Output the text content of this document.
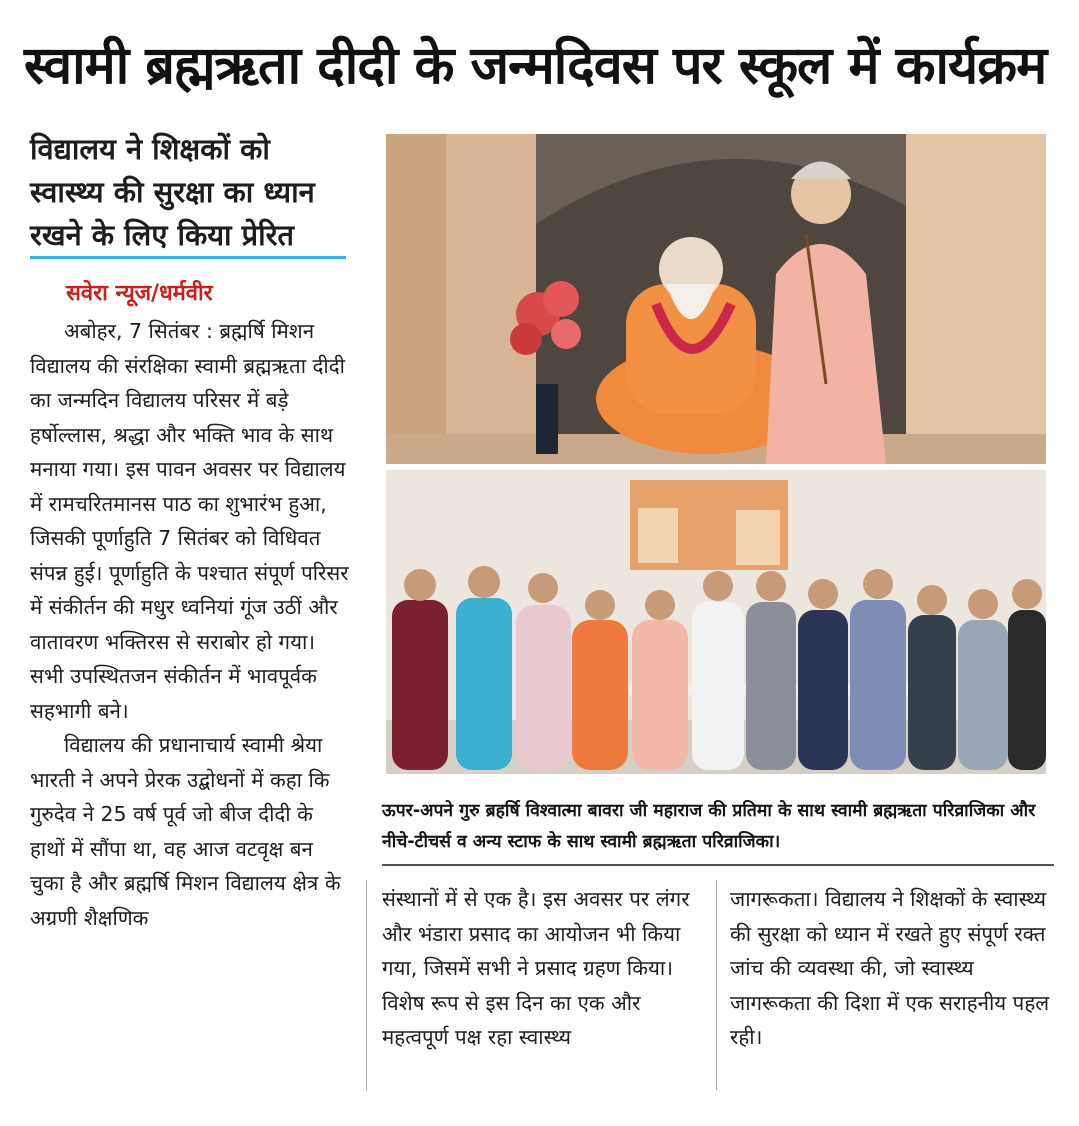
स्वामी ब्रह्मऋता दीदी के जन्मदिवस पर स्कूल में कार्यक्रम
विद्यालय ने शिक्षकों को स्वास्थ्य की सुरक्षा का ध्यान रखने के लिए किया प्रेरित
सवेरा न्यूज/धर्मवीर

अबोहर, 7 सितंबर : ब्रह्मर्षि मिशन विद्यालय की संरक्षिका स्वामी ब्रह्मऋता दीदी का जन्मदिन विद्यालय परिसर में बड़े हर्षोल्लास, श्रद्धा और भक्ति भाव के साथ मनाया गया। इस पावन अवसर पर विद्यालय में रामचरितमानस पाठ का शुभारंभ हुआ, जिसकी पूर्णाहुति 7 सितंबर को विधिवत संपन्न हुई। पूर्णाहुति के पश्चात संपूर्ण परिसर में संकीर्तन की मधुर ध्वनियां गूंज उठीं और वातावरण भक्तिरस से सराबोर हो गया। सभी उपस्थितजन संकीर्तन में भावपूर्वक सहभागी बने।

विद्यालय की प्रधानाचार्य स्वामी श्रेया भारती ने अपने प्रेरक उद्बोधनों में कहा कि गुरुदेव ने 25 वर्ष पूर्व जो बीज दीदी के हाथों में सौंपा था, वह आज वटवृक्ष बन चुका है और ब्रह्मर्षि मिशन विद्यालय क्षेत्र के अग्रणी शैक्षणिक

संस्थानों में से एक है। इस अवसर पर लंगर और भंडारा प्रसाद का आयोजन भी किया गया, जिसमें सभी ने प्रसाद ग्रहण किया। विशेष रूप से इस दिन का एक और महत्वपूर्ण पक्ष रहा स्वास्थ्य

जागरूकता। विद्यालय ने शिक्षकों के स्वास्थ्य की सुरक्षा को ध्यान में रखते हुए संपूर्ण रक्त जांच की व्यवस्था की, जो स्वास्थ्य जागरूकता की दिशा में एक सराहनीय पहल रही।

ऊपर-अपने गुरु ब्रहर्षि विश्वात्मा बावरा जी महाराज की प्रतिमा के साथ स्वामी ब्रह्मऋता परिव्राजिका और नीचे-टीचर्स व अन्य स्टाफ के साथ स्वामी ब्रह्मऋता परिव्राजिका।
